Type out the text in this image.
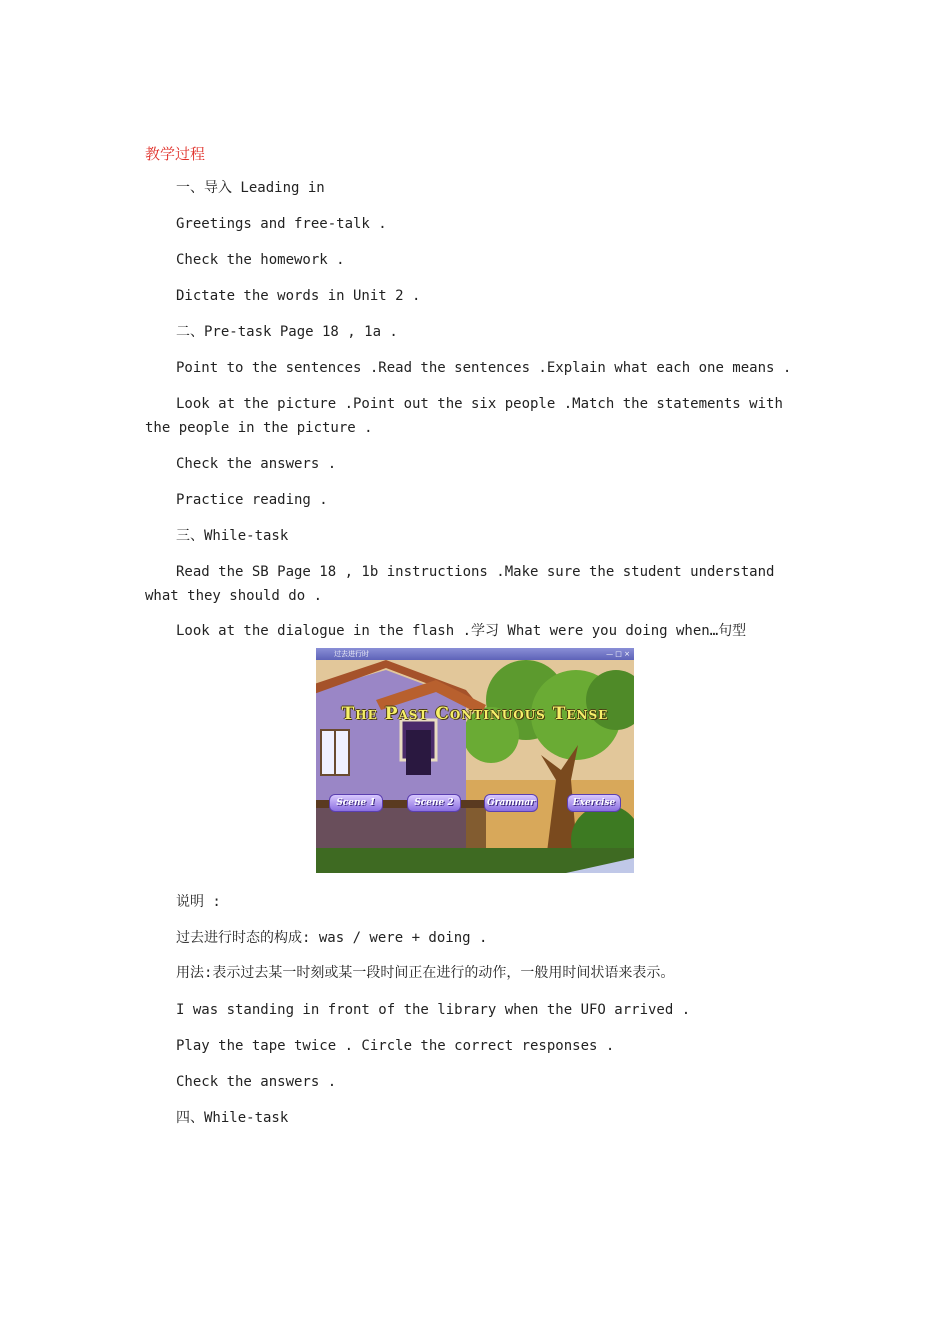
教学过程
一、导入 Leading in
Greetings and free-talk .
Check the homework .
Dictate the words in Unit 2 .
二、Pre-task Page 18 , 1a .
Point to the sentences .Read the sentences .Explain what each one means .
Look at the picture .Point out the six people .Match the statements with the people in the picture .
Check the answers .
Practice reading .
三、While-task
Read the SB Page 18 , 1b instructions .Make sure the student understand what they should do .
Look at the dialogue in the flash .学习 What were you doing when…句型
过去进行时	— □ ×
The Past Continuous Tense
Scene 1	Scene 2	Grammar	Exercise
说明 :
过去进行时态的构成: was / were + doing .
用法:表示过去某一时刻或某一段时间正在进行的动作，一般用时间状语来表示。
I was standing in front of the library when the UFO arrived .
Play the tape twice . Circle the correct responses .
Check the answers .
四、While-task
